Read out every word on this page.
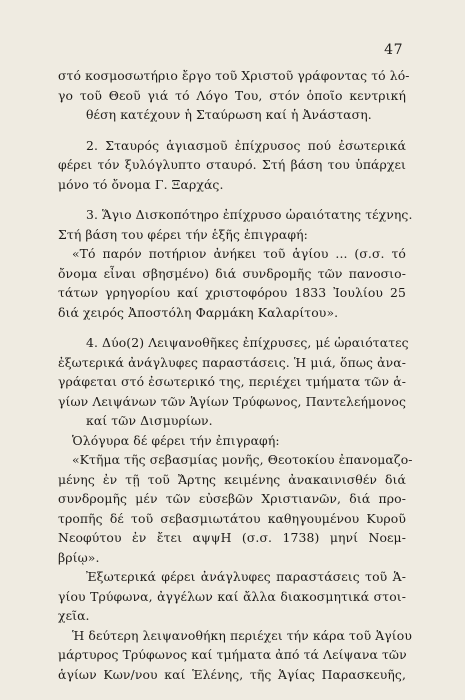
47
στό κοσμοσωτήριο ἔργο τοῦ Χριστοῦ γράφοντας τό λό-
γο τοῦ Θεοῦ γιά τό Λόγο Του, στόν ὁποῖο κεντρική
θέση κατέχουν ἡ Σταύρωση καί ἡ Ἀνάσταση.
2. Σταυρός ἁγιασμοῦ ἐπίχρυσος πού ἐσωτερικά
φέρει τόν ξυλόγλυπτο σταυρό. Στή βάση του ὑπάρχει
μόνο τό ὄνομα Γ. Ξαρχάς.
3. Ἅγιο Δισκοπότηρο ἐπίχρυσο ὡραιότατης τέχνης.
Στή βάση του φέρει τήν ἑξῆς ἐπιγραφή:
«Τό παρόν ποτήριον ἀνήκει τοῦ ἁγίου ... (σ.σ. τό
ὄνομα εἶναι σβησμένο) διά συνδρομῆς τῶν πανοσιο-
τάτων γρηγορίου καί χριστοφόρου 1833 Ἰουλίου 25
διά χειρός Ἀποστόλη Φαρμάκη Καλαρίτου».
4. Δύο(2) Λειψανοθῆκες ἐπίχρυσες, μέ ὡραιότατες
ἐξωτερικά ἀνάγλυφες παραστάσεις. Ἡ μιά, ὅπως ἀνα-
γράφεται στό ἐσωτερικό της, περιέχει τμήματα τῶν ἁ-
γίων Λειψάνων τῶν Ἁγίων Τρύφωνος, Παντελεήμονος
καί τῶν Δισμυρίων.
Ὁλόγυρα δέ φέρει τήν ἐπιγραφή:
«Κτῆμα τῆς σεβασμίας μονῆς, Θεοτοκίου ἐπανομαζο-
μένης ἐν τῇ τοῦ Ἄρτης κειμένης ἀνακαινισθέν διά
συνδρομῆς μέν τῶν εὐσεβῶν Χριστιανῶν, διά προ-
τροπῆς δέ τοῦ σεβασμιωτάτου καθηγουμένου Κυροῦ
Νεοφύτου ἐν ἔτει αψψΗ (σ.σ. 1738) μηνί Νοεμ-
βρίῳ».
Ἐξωτερικά φέρει ἀνάγλυφες παραστάσεις τοῦ Ἁ-
γίου Τρύφωνα, ἀγγέλων καί ἄλλα διακοσμητικά στοι-
χεῖα.
Ἡ δεύτερη λειψανοθήκη περιέχει τήν κάρα τοῦ Ἁγίου
μάρτυρος Τρύφωνος καί τμήματα ἀπό τά Λείψανα τῶν
ἁγίων Κων/νου καί Ἑλένης, τῆς Ἁγίας Παρασκευῆς,
